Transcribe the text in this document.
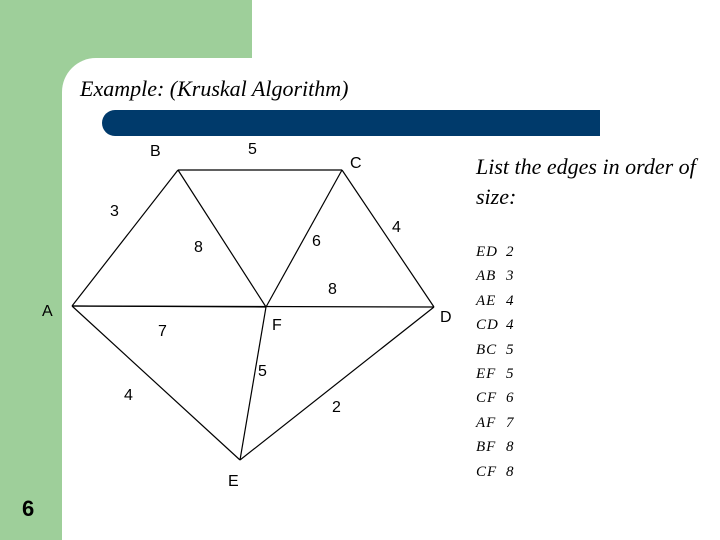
Example: (Kruskal Algorithm)
A
B
C
D
E
F
5
3
8	6
4
8
7
5
4
2
List the edges in order of size:
ED 2
AB 3
AE 4
CD 4
BC 5
EF 5
CF 6
AF 7
BF 8
CF 8
6
